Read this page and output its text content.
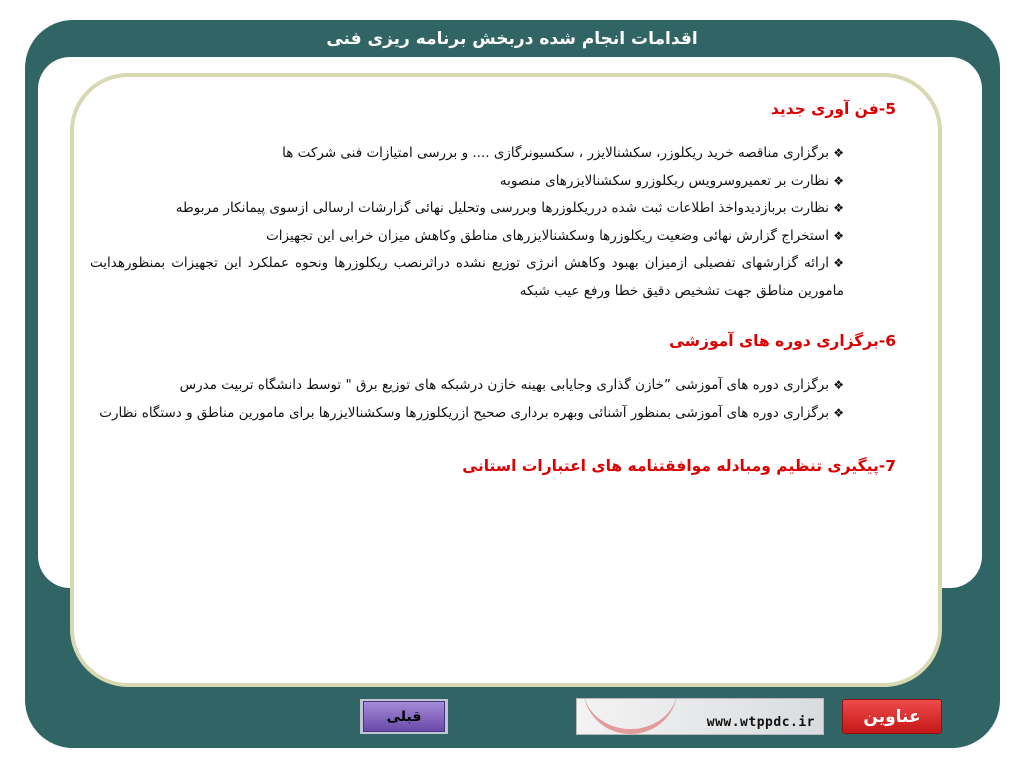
اقدامات انجام شده دربخش برنامه ریزی فنی

5-فن آوری جدید

❖برگزاری مناقصه خرید ریکلوزر، سکشنالایزر ، سکسیونرگازی .... و بررسی امتیازات فنی شرکت ها
❖نظارت بر تعمیروسرویس ریکلوزرو سکشنالایزرهای منصوبه
❖نظارت بربازدیدواخذ اطلاعات ثبت شده درریکلوزرها وبررسی وتحلیل نهائی گزارشات ارسالی ازسوی پیمانکار مربوطه
❖استخراج گزارش نهائی وضعیت ریکلوزرها وسکشنالایزرهای مناطق وکاهش میزان خرابی این تجهیزات
❖ارائه گزارشهای تفصیلی ازمیزان بهبود وکاهش انرژی توزیع نشده دراثرنصب ریکلوزرها ونحوه عملکرد این تجهیزات بمنظورهدایت مامورین مناطق جهت تشخیص دقیق خطا ورفع عیب شبکه

6-برگزاری دوره های آموزشی

❖برگزاری دوره های آموزشی ”خازن گذاری وجایابی بهینه خازن درشبکه های توزیع برق " توسط دانشگاه تربیت مدرس
❖برگزاری دوره های آموزشی بمنظور آشنائی وبهره برداری صحیح ازریکلوزرها وسکشنالایزرها برای مامورین مناطق و دستگاه نظارت

7-پیگیری تنظیم ومبادله موافقتنامه های اعتبارات استانی

قبلی	www.wtppdc.ir	عناوین
